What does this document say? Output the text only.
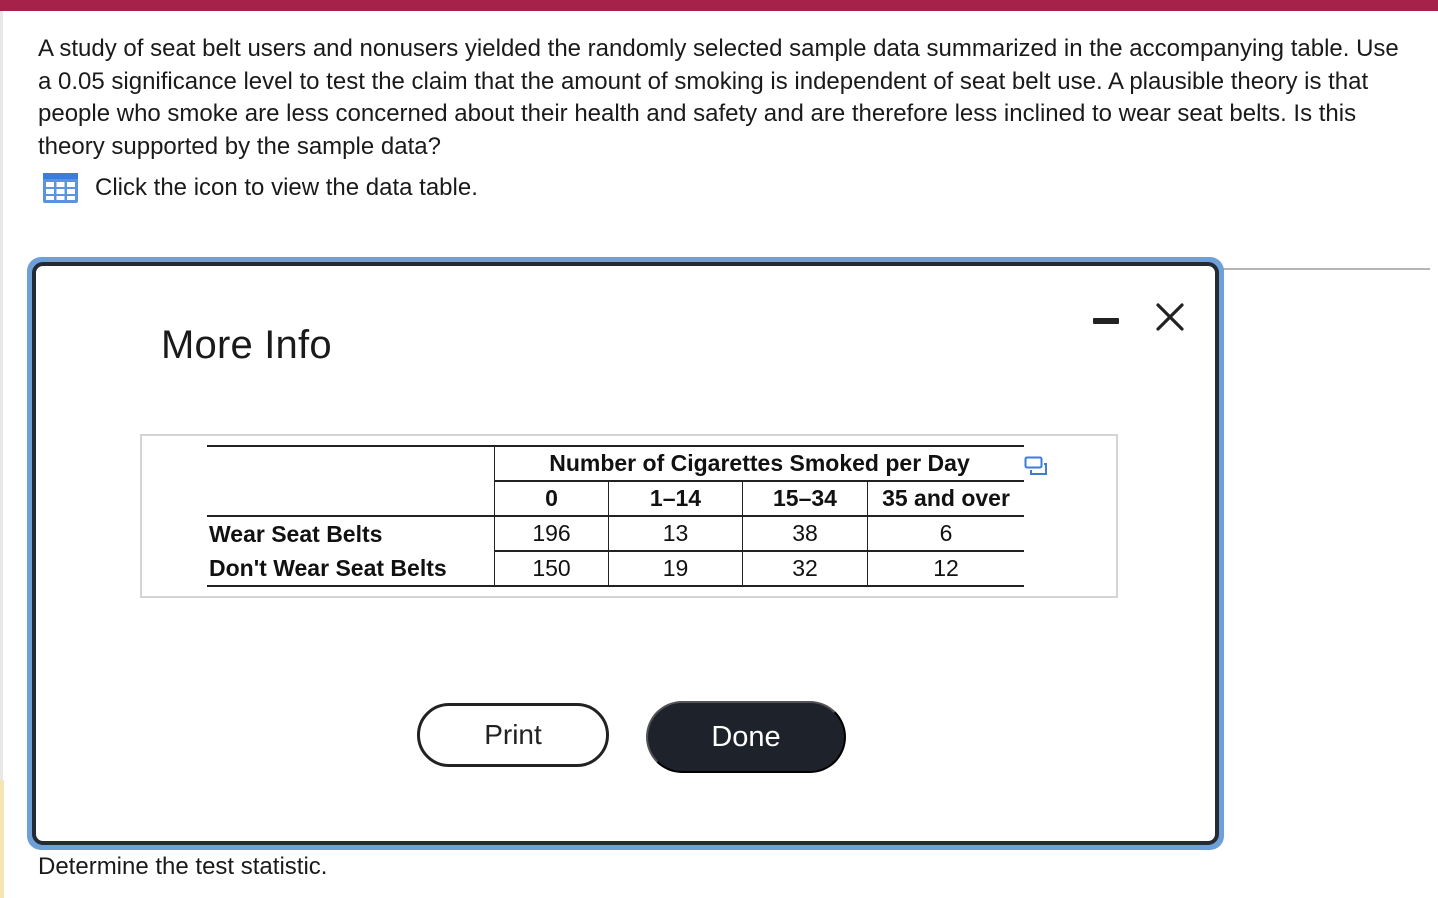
A study of seat belt users and nonusers yielded the randomly selected sample data summarized in the accompanying table. Use a 0.05 significance level to test the claim that the amount of smoking is independent of seat belt use. A plausible theory is that people who smoke are less concerned about their health and safety and are therefore less inclined to wear seat belts. Is this theory supported by the sample data?
Click the icon to view the data table.
More Info
	Number of Cigarettes Smoked per Day			
	0	1–14	15–34	35 and over
Wear Seat Belts	196	13	38	6
Don't Wear Seat Belts	150	19	32	12
Print	Done
Determine the test statistic.
